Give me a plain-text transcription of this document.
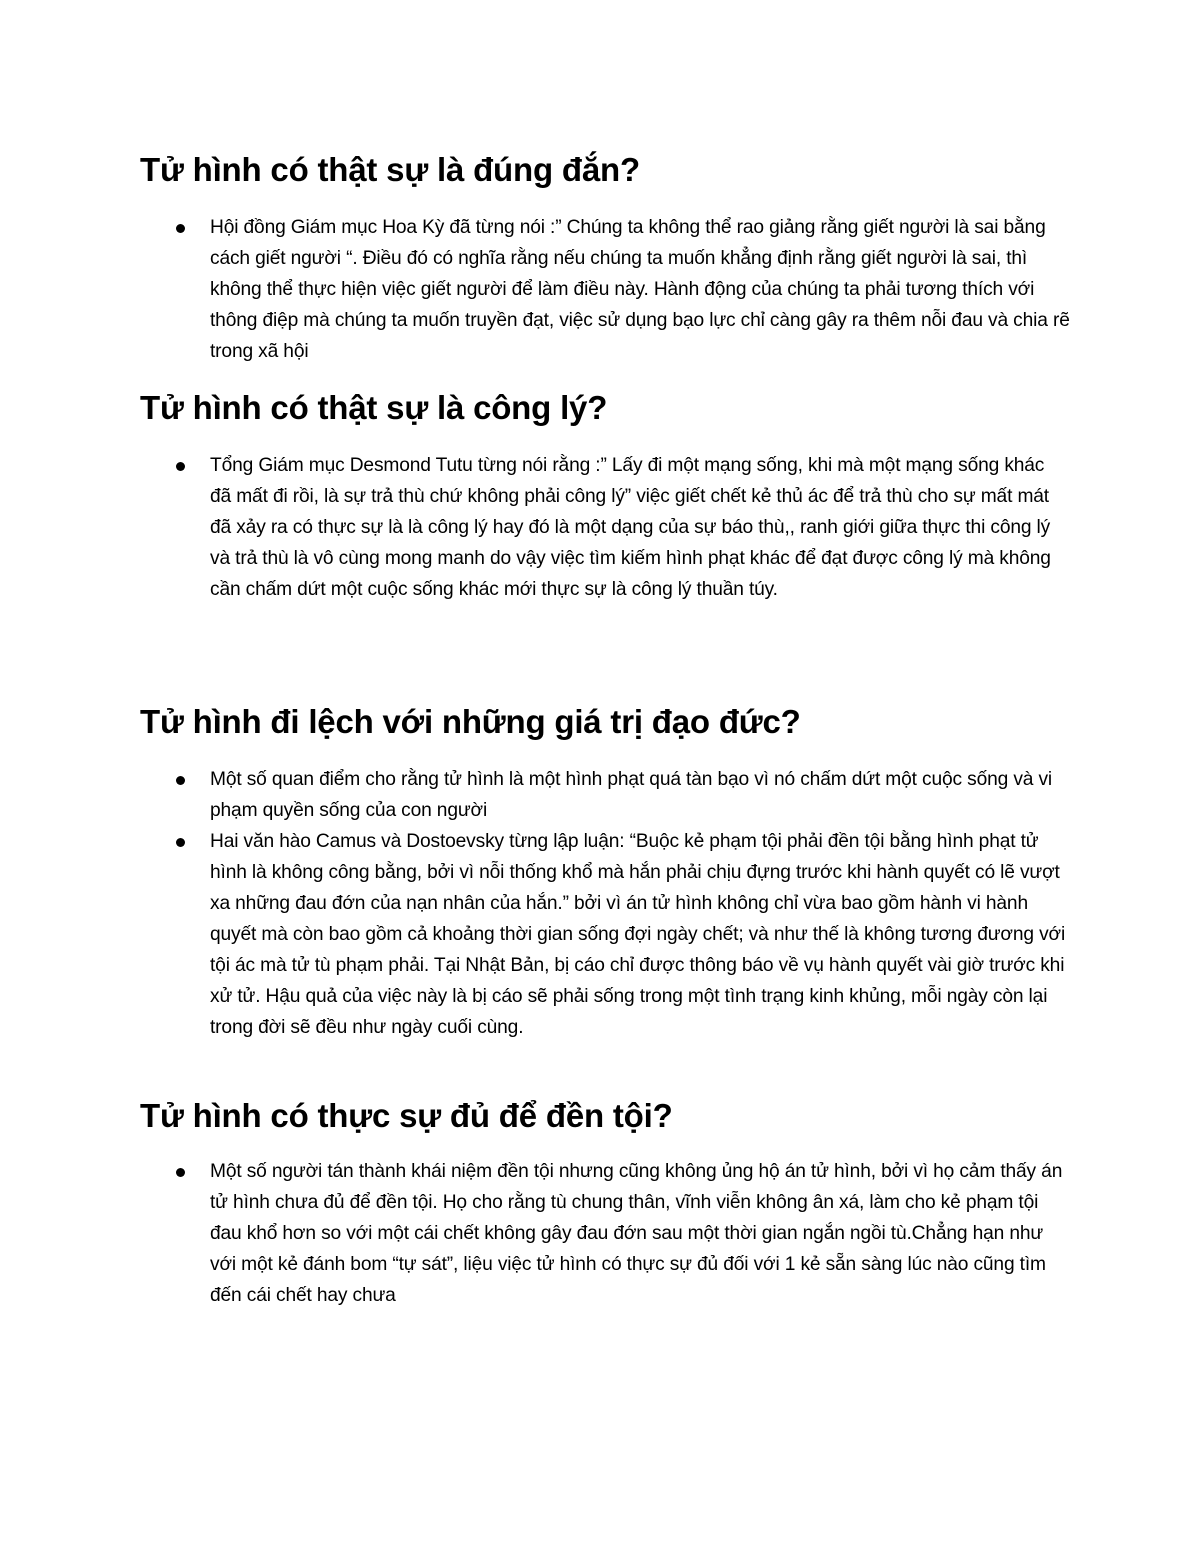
Tử hình có thật sự là đúng đắn?
Hội đồng Giám mục Hoa Kỳ đã từng nói :” Chúng ta không thể rao giảng rằng giết người là sai bằng cách giết người “. Điều đó có nghĩa rằng nếu chúng ta muốn khẳng định rằng giết người là sai, thì không thể thực hiện việc giết người để làm điều này. Hành động của chúng ta phải tương thích với thông điệp mà chúng ta muốn truyền đạt, việc sử dụng bạo lực chỉ càng gây ra thêm nỗi đau và chia rẽ trong xã hội
Tử hình có thật sự là công lý?
Tổng Giám mục Desmond Tutu từng nói rằng :” Lấy đi một mạng sống, khi mà một mạng sống khác đã mất đi rồi, là sự trả thù chứ không phải công lý” việc giết chết kẻ thủ ác để trả thù cho sự mất mát đã xảy ra có thực sự là là công lý hay đó là một dạng của sự báo thù,, ranh giới giữa thực thi công lý và trả thù là vô cùng mong manh do vậy việc tìm kiếm hình phạt khác để đạt được công lý mà không cần chấm dứt một cuộc sống khác mới thực sự là công lý thuần túy.
Tử hình đi lệch với những giá trị đạo đức?
Một số quan điểm cho rằng tử hình là một hình phạt quá tàn bạo vì nó chấm dứt một cuộc sống và vi phạm quyền sống của con người
Hai văn hào Camus và Dostoevsky từng lập luận: “Buộc kẻ phạm tội phải đền tội bằng hình phạt tử hình là không công bằng, bởi vì nỗi thống khổ mà hắn phải chịu đựng trước khi hành quyết có lẽ vượt xa những đau đớn của nạn nhân của hắn.” bởi vì án tử hình không chỉ vừa bao gồm hành vi hành quyết mà còn bao gồm cả khoảng thời gian sống đợi ngày chết; và như thế là không tương đương với tội ác mà tử tù phạm phải. Tại Nhật Bản, bị cáo chỉ được thông báo về vụ hành quyết vài giờ trước khi xử tử. Hậu quả của việc này là bị cáo sẽ phải sống trong một tình trạng kinh khủng, mỗi ngày còn lại trong đời sẽ đều như ngày cuối cùng.
Tử hình có thực sự đủ để đền tội?
Một số người tán thành khái niệm đền tội nhưng cũng không ủng hộ án tử hình, bởi vì họ cảm thấy án tử hình chưa đủ để đền tội. Họ cho rằng tù chung thân, vĩnh viễn không ân xá, làm cho kẻ phạm tội đau khổ hơn so với một cái chết không gây đau đớn sau một thời gian ngắn ngồi tù.Chẳng hạn như với một kẻ đánh bom “tự sát”, liệu việc tử hình có thực sự đủ đối với 1 kẻ sẵn sàng lúc nào cũng tìm đến cái chết hay chưa
